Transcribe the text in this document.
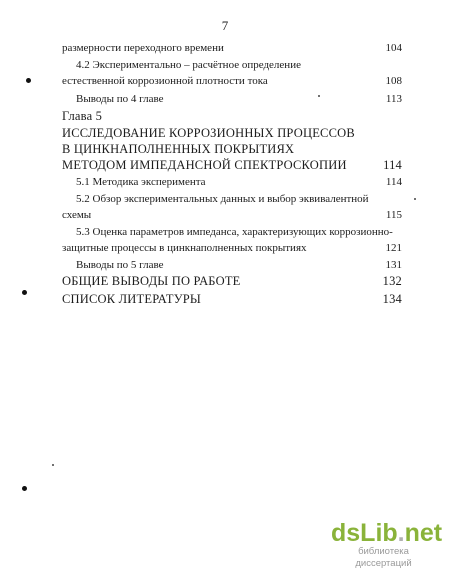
7
размерности переходного времени	104
4.2 Экспериментально – расчётное определение
естественной коррозионной плотности тока	108
Выводы по 4 главе	113
Глава 5
ИССЛЕДОВАНИЕ КОРРОЗИОННЫХ ПРОЦЕССОВ
В ЦИНКНАПОЛНЕННЫХ ПОКРЫТИЯХ
МЕТОДОМ ИМПЕДАНСНОЙ СПЕКТРОСКОПИИ	114
5.1 Методика эксперимента	114
5.2 Обзор экспериментальных данных и выбор эквивалентной
схемы	115
5.3 Оценка параметров импеданса, характеризующих коррозионно-
защитные процессы в цинкнаполненных покрытиях	121
Выводы по 5 главе	131
ОБЩИЕ ВЫВОДЫ ПО РАБОТЕ	132
СПИСОК ЛИТЕРАТУРЫ	134
dsLib.net
библиотека диссертаций
